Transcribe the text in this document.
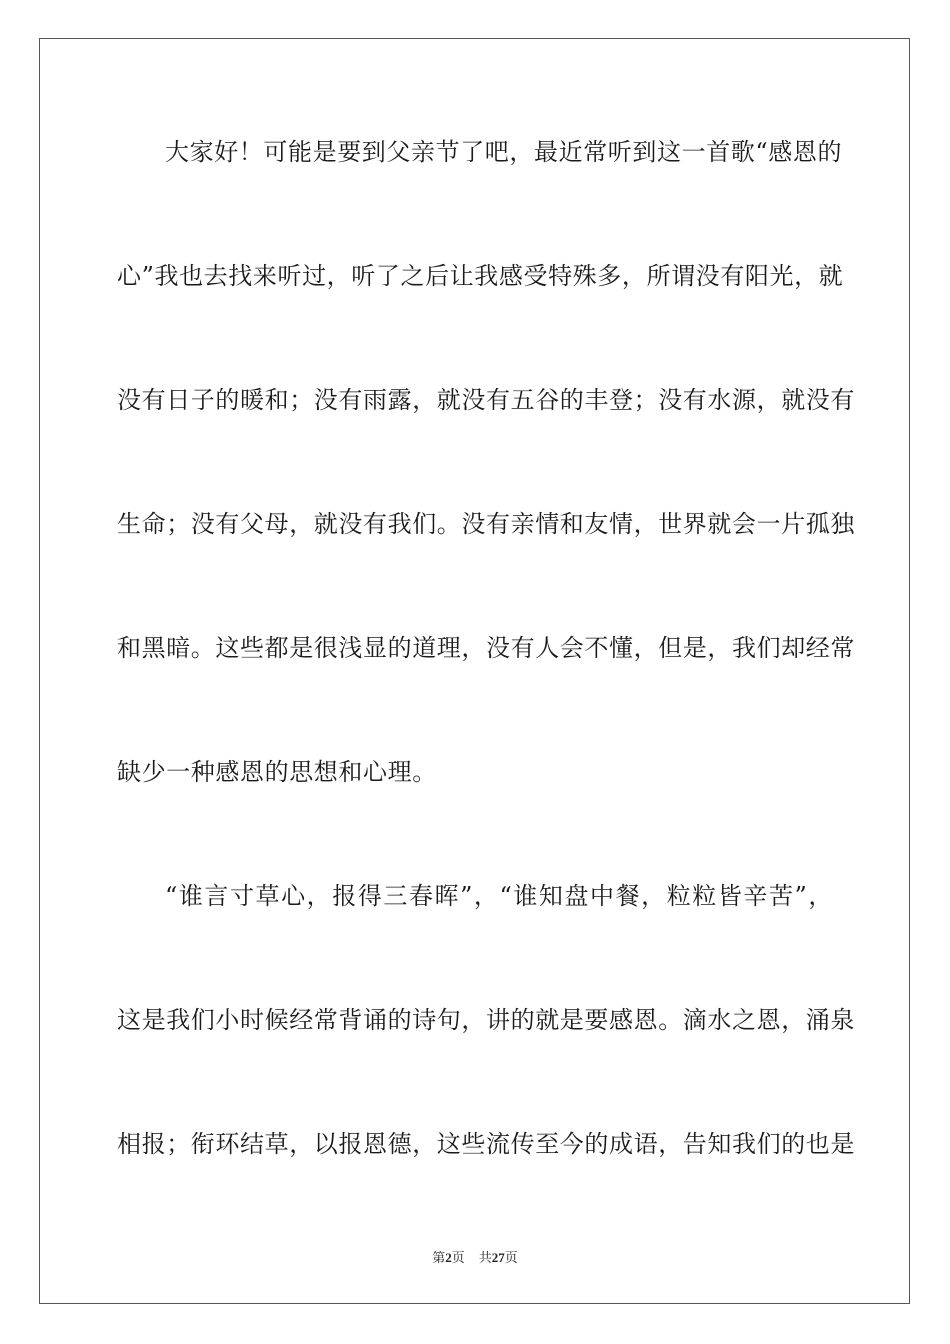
大家好！可能是要到父亲节了吧，最近常听到这一首歌“感恩的
心”我也去找来听过，听了之后让我感受特殊多，所谓没有阳光，就
没有日子的暖和；没有雨露，就没有五谷的丰登；没有水源，就没有
生命；没有父母，就没有我们。没有亲情和友情，世界就会一片孤独
和黑暗。这些都是很浅显的道理，没有人会不懂，但是，我们却经常
缺少一种感恩的思想和心理。
“谁言寸草心，报得三春晖”，“谁知盘中餐，粒粒皆辛苦”，
这是我们小时候经常背诵的诗句，讲的就是要感恩。滴水之恩，涌泉
相报；衔环结草，以报恩德，这些流传至今的成语，告知我们的也是
第2页 共27页
